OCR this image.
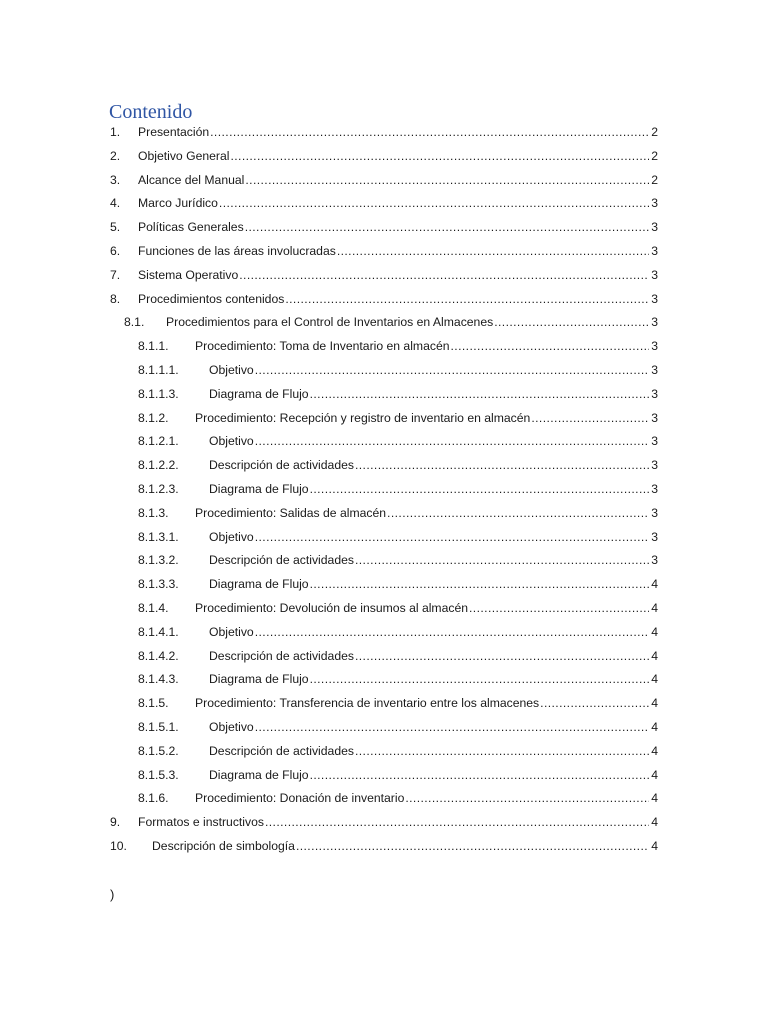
Contenido
1. Presentación .....	2
2. Objetivo General .....	2
3. Alcance del Manual .....	2
4. Marco Jurídico .....	3
5. Políticas Generales .....	3
6. Funciones de las áreas involucradas .....	3
7. Sistema Operativo .....	3
8. Procedimientos contenidos .....	3
8.1. Procedimientos para el Control de Inventarios en Almacenes .....	3
8.1.1. Procedimiento: Toma de Inventario en almacén .....	3
8.1.1.1. Objetivo .....	3
8.1.1.3. Diagrama de Flujo .....	3
8.1.2. Procedimiento: Recepción y registro de inventario en almacén .....	3
8.1.2.1. Objetivo .....	3
8.1.2.2. Descripción de actividades .....	3
8.1.2.3. Diagrama de Flujo .....	3
8.1.3. Procedimiento: Salidas de almacén .....	3
8.1.3.1. Objetivo .....	3
8.1.3.2. Descripción de actividades .....	3
8.1.3.3. Diagrama de Flujo .....	4
8.1.4. Procedimiento: Devolución de insumos al almacén .....	4
8.1.4.1. Objetivo .....	4
8.1.4.2. Descripción de actividades .....	4
8.1.4.3. Diagrama de Flujo .....	4
8.1.5. Procedimiento: Transferencia de inventario entre los almacenes .....	4
8.1.5.1. Objetivo .....	4
8.1.5.2. Descripción de actividades .....	4
8.1.5.3. Diagrama de Flujo .....	4
8.1.6. Procedimiento: Donación de inventario .....	4
9. Formatos e instructivos .....	4
10. Descripción de simbología .....	4
)
